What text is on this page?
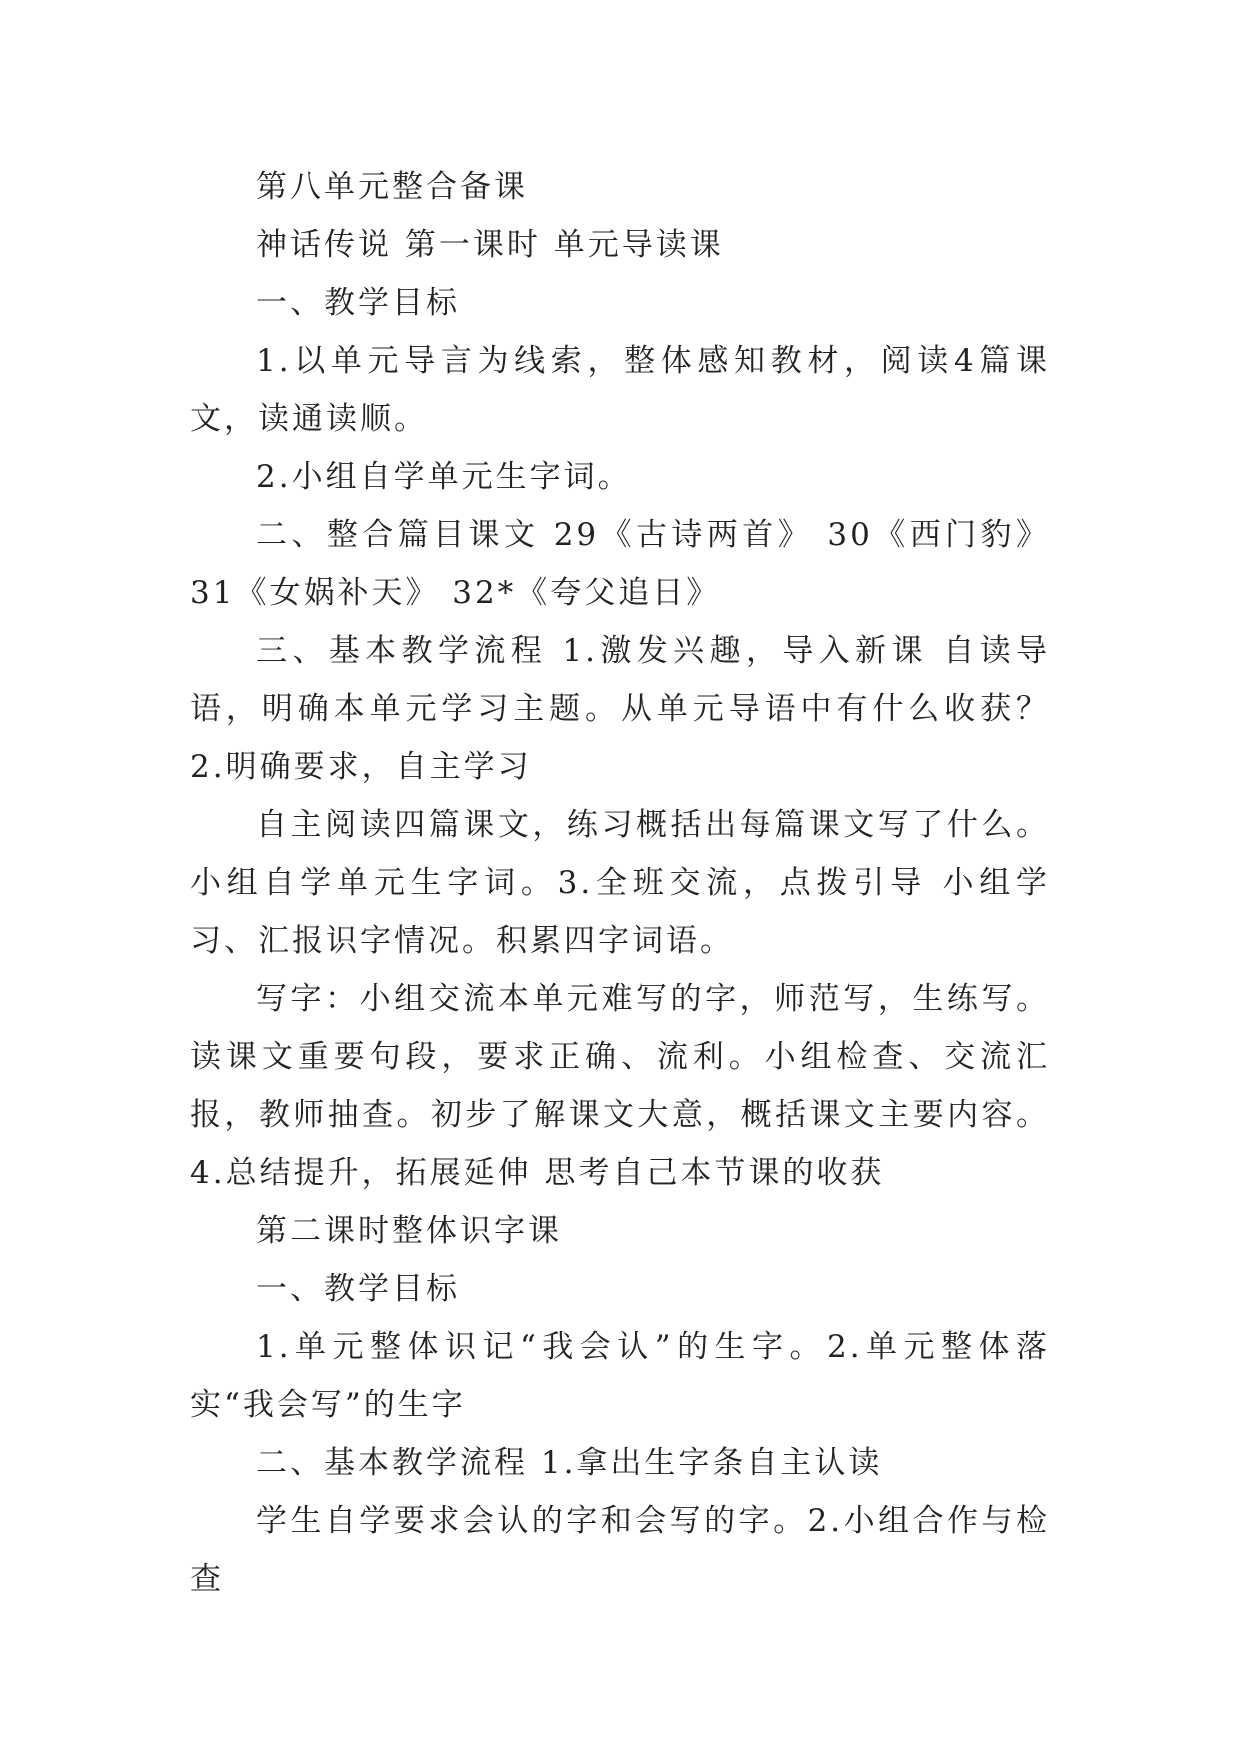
第八单元整合备课

神话传说 第一课时 单元导读课

一、教学目标

1.以单元导言为线索，整体感知教材，阅读4篇课文，读通读顺。

2.小组自学单元生字词。

二、整合篇目课文 29《古诗两首》 30《西门豹》 31《女娲补天》 32*《夸父追日》

三、基本教学流程 1.激发兴趣，导入新课 自读导语，明确本单元学习主题。从单元导语中有什么收获？ 2.明确要求，自主学习

自主阅读四篇课文，练习概括出每篇课文写了什么。小组自学单元生字词。3.全班交流，点拨引导 小组学习、汇报识字情况。积累四字词语。

写字：小组交流本单元难写的字，师范写，生练写。读课文重要句段，要求正确、流利。小组检查、交流汇报，教师抽查。初步了解课文大意，概括课文主要内容。4.总结提升，拓展延伸 思考自己本节课的收获

第二课时整体识字课

一、教学目标

1.单元整体识记“我会认”的生字。2.单元整体落实“我会写”的生字

二、基本教学流程 1.拿出生字条自主认读

学生自学要求会认的字和会写的字。2.小组合作与检查
